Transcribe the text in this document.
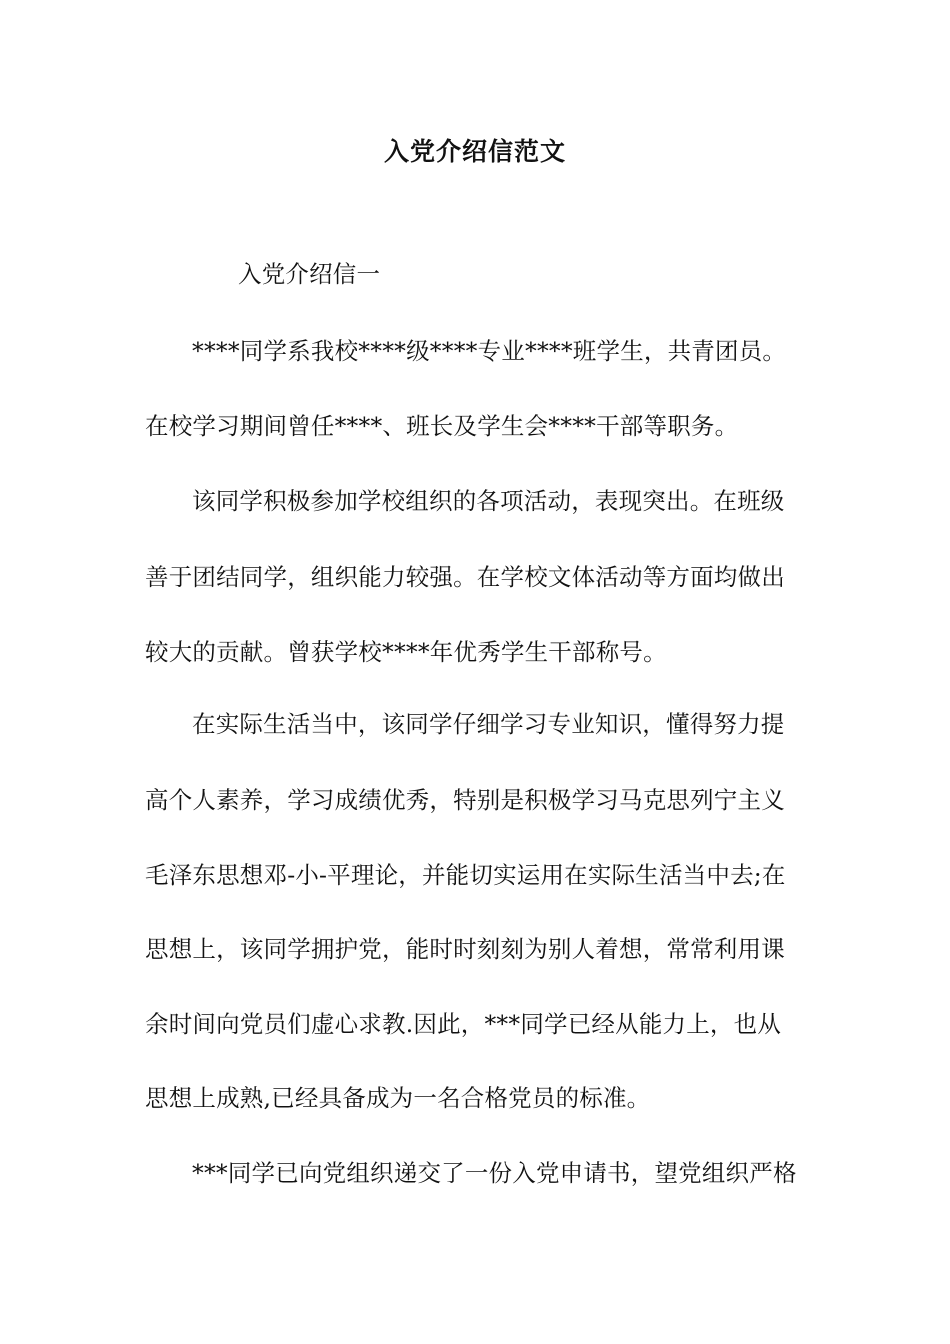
入党介绍信范文
入党介绍信一
****同学系我校****级****专业****班学生，共青团员。
在校学习期间曾任****、班长及学生会****干部等职务。
该同学积极参加学校组织的各项活动，表现突出。在班级
善于团结同学，组织能力较强。在学校文体活动等方面均做出
较大的贡献。曾获学校****年优秀学生干部称号。
在实际生活当中，该同学仔细学习专业知识，懂得努力提
高个人素养，学习成绩优秀，特别是积极学习马克思列宁主义
毛泽东思想邓-小-平理论，并能切实运用在实际生活当中去;在
思想上，该同学拥护党，能时时刻刻为别人着想，常常利用课
余时间向党员们虚心求教.因此，***同学已经从能力上，也从
思想上成熟,已经具备成为一名合格党员的标准。
***同学已向党组织递交了一份入党申请书，望党组织严格
